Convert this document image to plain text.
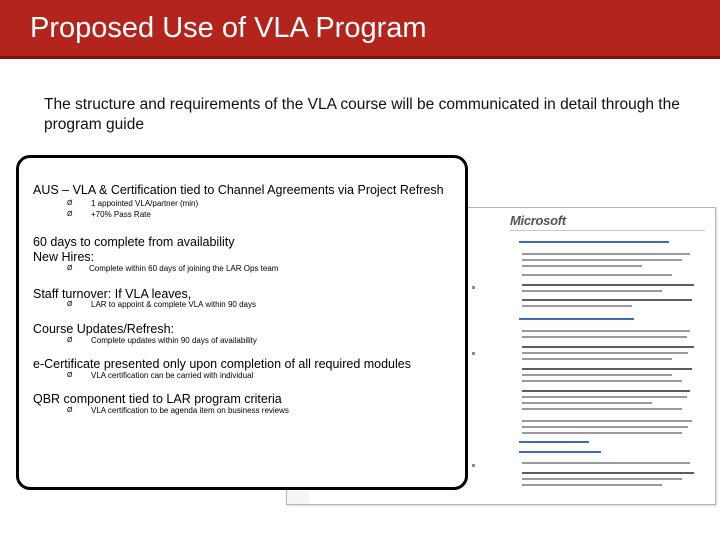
Proposed Use of VLA Program
The structure and requirements of the VLA course will be communicated in detail through the program guide
Microsoft
AUS – VLA & Certification tied to Channel Agreements via Project Refresh
Ø 1 appointed VLA/partner (min)
Ø +70% Pass Rate
60 days to complete from availability
New Hires:
Ø Complete within 60 days of joining the LAR Ops team
Staff turnover: If VLA leaves,
Ø LAR to appoint & complete VLA within 90 days
Course Updates/Refresh:
Ø Complete updates within 90 days of availability
e-Certificate presented only upon completion of all required modules
Ø VLA certification can be carried with individual
QBR component tied to LAR program criteria
Ø VLA certification to be agenda item on business reviews
